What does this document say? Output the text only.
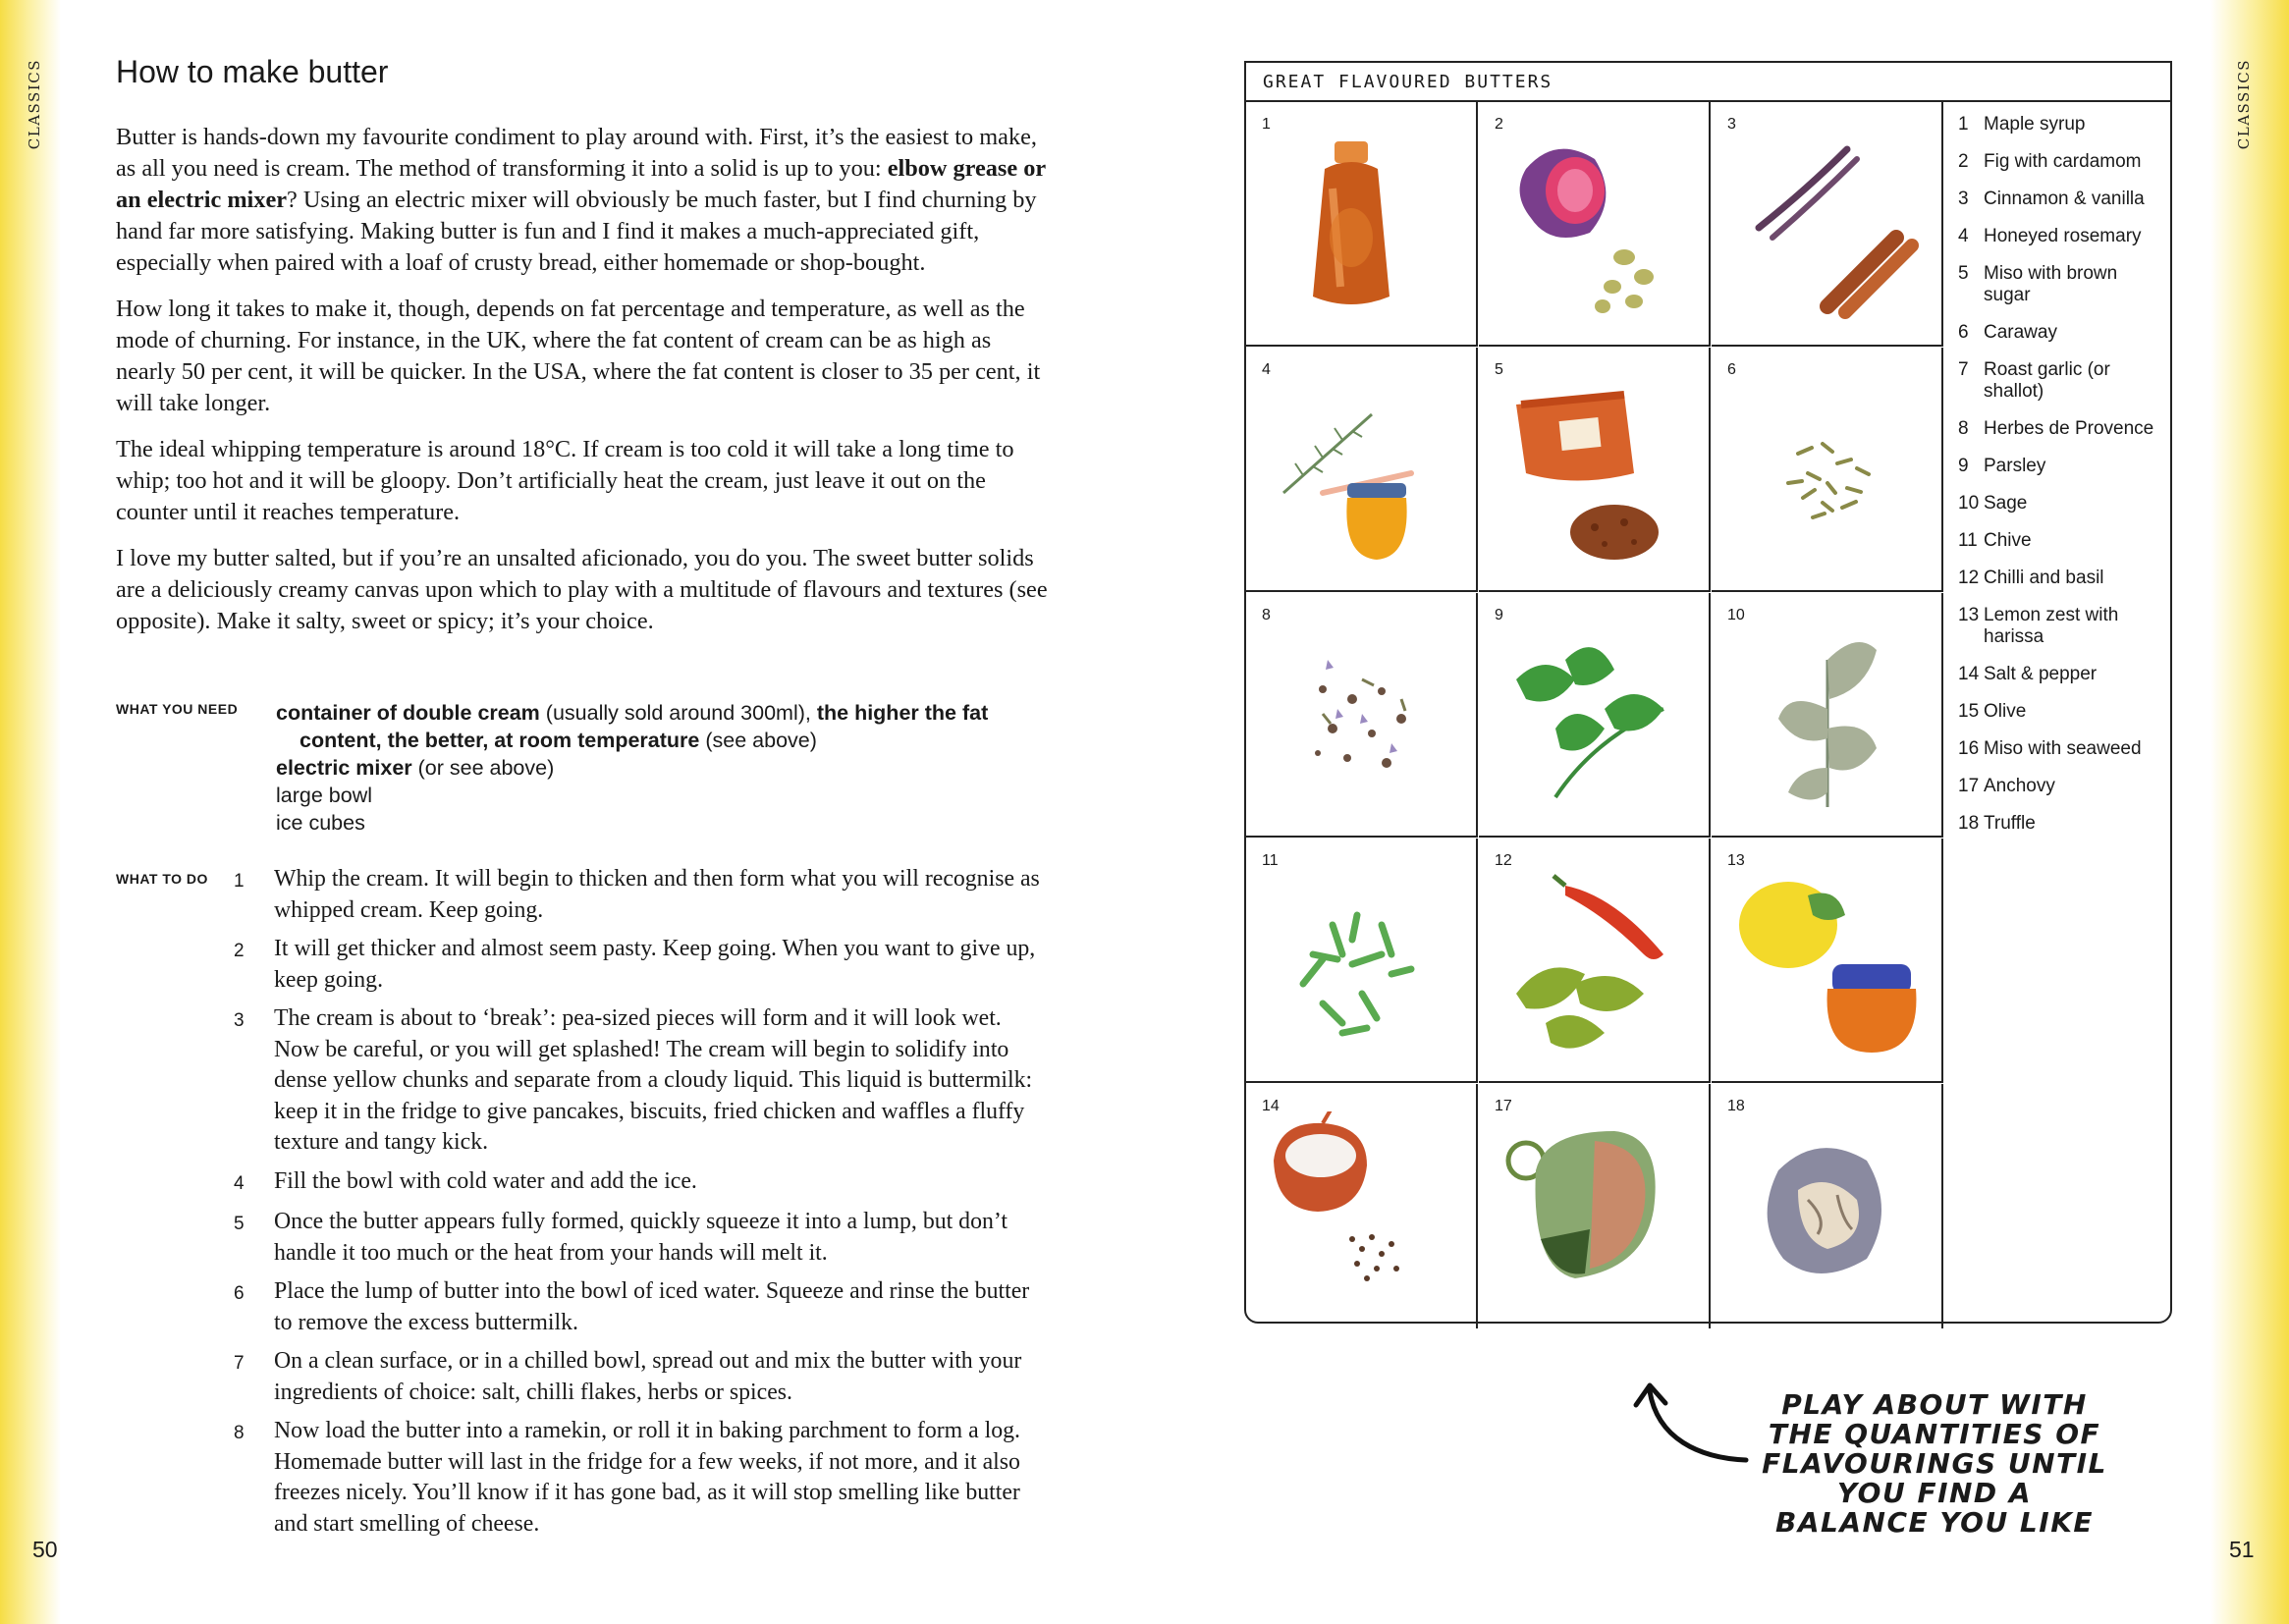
CLASSICS	CLASSICS
How to make butter

Butter is hands-down my favourite condiment to play around with. First, it’s the easiest to make, as all you need is cream. The method of transforming it into a solid is up to you: elbow grease or an electric mixer? Using an electric mixer will obviously be much faster, but I find churning by hand far more satisfying. Making butter is fun and I find it makes a much-appreciated gift, especially when paired with a loaf of crusty bread, either homemade or shop-bought.

How long it takes to make it, though, depends on fat percentage and temperature, as well as the mode of churning. For instance, in the UK, where the fat content of cream can be as high as nearly 50 per cent, it will be quicker. In the USA, where the fat content is closer to 35 per cent, it will take longer.

The ideal whipping temperature is around 18°C. If cream is too cold it will take a long time to whip; too hot and it will be gloopy. Don’t artificially heat the cream, just leave it out on the counter until it reaches temperature.

I love my butter salted, but if you’re an unsalted aficionado, you do you. The sweet butter solids are a deliciously creamy canvas upon which to play with a multitude of flavours and textures (see opposite). Make it salty, sweet or spicy; it’s your choice.

WHAT YOU NEED container of double cream (usually sold around 300ml), the higher the fat content, the better, at room temperature (see above)

electric mixer (or see above)

large bowl

ice cubes

WHAT TO DO 1	Whip the cream. It will begin to thicken and then form what you will recognise as whipped cream. Keep going.
2	It will get thicker and almost seem pasty. Keep going. When you want to give up, keep going.
3	The cream is about to ‘break’: pea-sized pieces will form and it will look wet. Now be careful, or you will get splashed! The cream will begin to solidify into dense yellow chunks and separate from a cloudy liquid. This liquid is buttermilk: keep it in the fridge to give pancakes, biscuits, fried chicken and waffles a fluffy texture and tangy kick.
4	Fill the bowl with cold water and add the ice.
5	Once the butter appears fully formed, quickly squeeze it into a lump, but don’t handle it too much or the heat from your hands will melt it.
6	Place the lump of butter into the bowl of iced water. Squeeze and rinse the butter to remove the excess buttermilk.
7	On a clean surface, or in a chilled bowl, spread out and mix the butter with your ingredients of choice: salt, chilli flakes, herbs or spices.
8	Now load the butter into a ramekin, or roll it in baking parchment to form a log. Homemade butter will last in the fridge for a few weeks, if not more, and it also freezes nicely. You’ll know if it has gone bad, as it will stop smelling like butter and start smelling of cheese.
50	51
GREAT FLAVOURED BUTTERS
1	2	3
4	5	6
8	9	10
11	12	13
14	17	18
1 Maple syrup
2 Fig with cardamom
3 Cinnamon & vanilla
4 Honeyed rosemary
5 Miso with brown sugar
6 Caraway
7 Roast garlic (or shallot)
8 Herbes de Provence
9 Parsley
10 Sage
11 Chive
12 Chilli and basil
13 Lemon zest with harissa
14 Salt & pepper
15 Olive
16 Miso with seaweed
17 Anchovy
18 Truffle
PLAY ABOUT WITH THE QUANTITIES OF FLAVOURINGS UNTIL YOU FIND A BALANCE YOU LIKE
